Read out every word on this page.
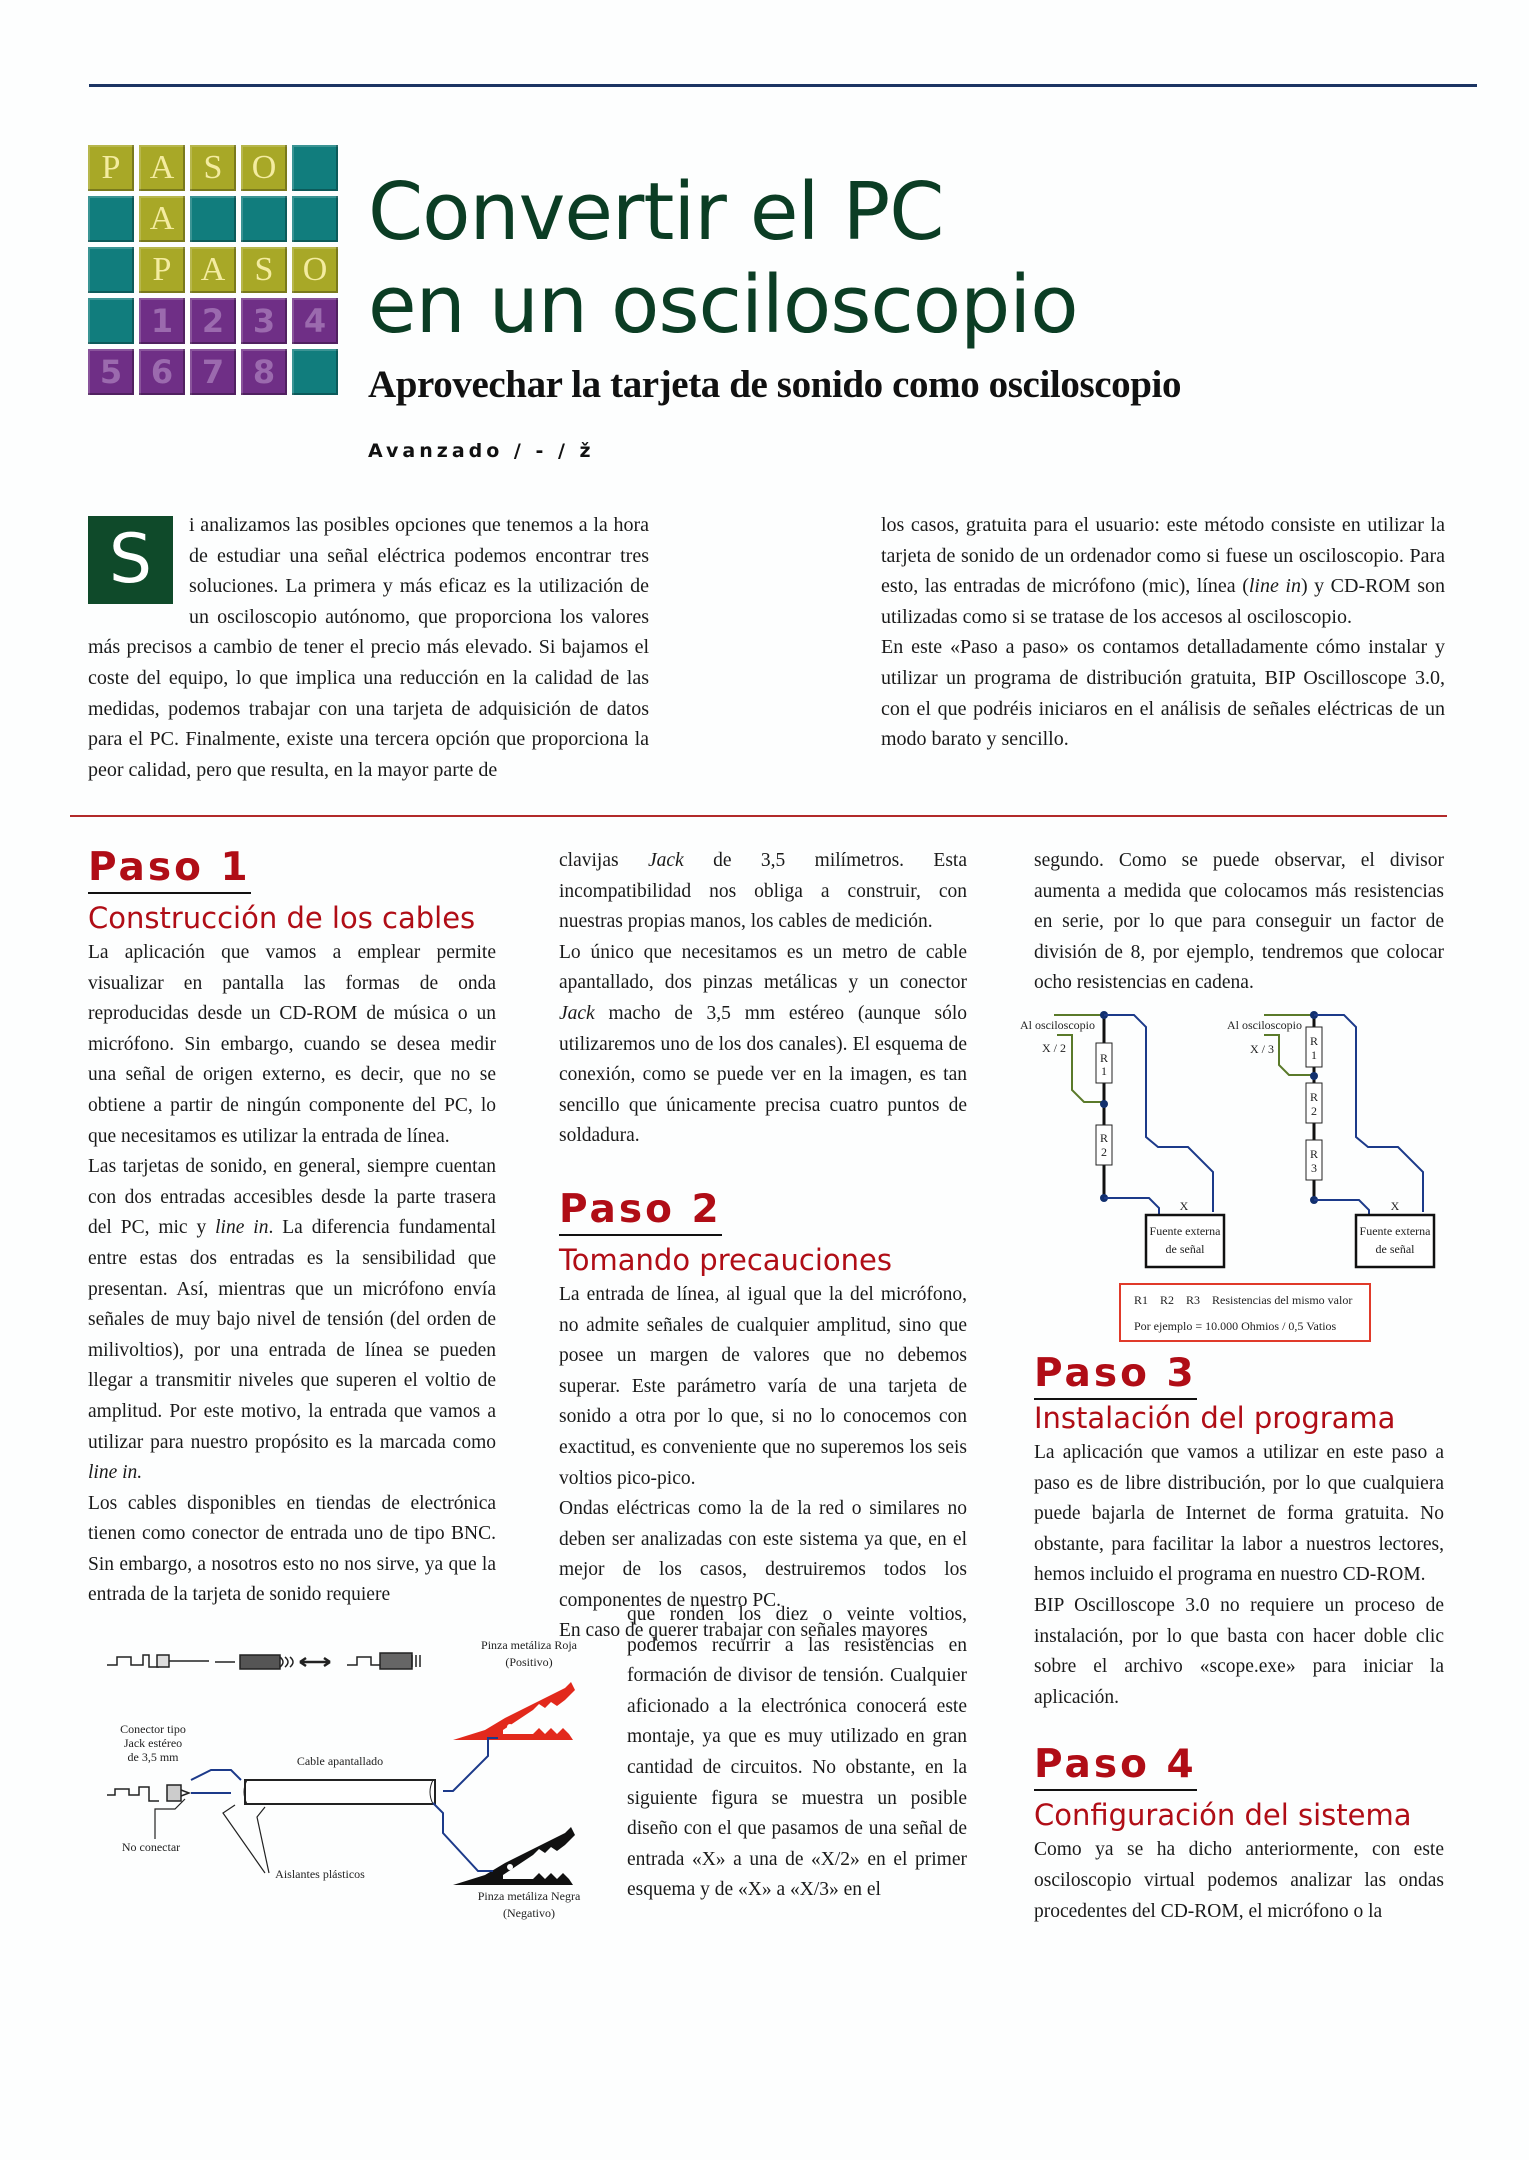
P A S O
A
P A S O
1 2 3 4
5 6 7 8
Convertir el PC
en un osciloscopio
Aprovechar la tarjeta de sonido como osciloscopio
Avanzado / - / ž

S	i analizamos las posibles opciones que tenemos a la hora de estudiar una señal eléctrica podemos encontrar tres soluciones. La primera y más eficaz es la utilización de un osciloscopio autónomo, que proporciona los valores más precisos a cambio de tener el precio más elevado. Si bajamos el coste del equipo, lo que implica una reducción en la calidad de las medidas, podemos trabajar con una tarjeta de adquisición de datos para el PC. Finalmente, existe una tercera opción que proporciona la peor calidad, pero que resulta, en la mayor parte de

los casos, gratuita para el usuario: este método consiste en utilizar la tarjeta de sonido de un ordenador como si fuese un osciloscopio. Para esto, las entradas de micrófono (mic), línea (line in) y CD-ROM son utilizadas como si se tratase de los accesos al osciloscopio.

En este «Paso a paso» os contamos detalladamente cómo instalar y utilizar un programa de distribución gratuita, BIP Oscilloscope 3.0, con el que podréis iniciaros en el análisis de señales eléctricas de un modo barato y sencillo.

Paso 1
Construcción de los cables

La aplicación que vamos a emplear permite visualizar en pantalla las formas de onda reproducidas desde un CD-ROM de música o un micrófono. Sin embargo, cuando se desea medir una señal de origen externo, es decir, que no se obtiene a partir de ningún componente del PC, lo que necesitamos es utilizar la entrada de línea.

Las tarjetas de sonido, en general, siempre cuentan con dos entradas accesibles desde la parte trasera del PC, mic y line in. La diferencia fundamental entre estas dos entradas es la sensibilidad que presentan. Así, mientras que un micrófono envía señales de muy bajo nivel de tensión (del orden de milivoltios), por una entrada de línea se pueden llegar a transmitir niveles que superen el voltio de amplitud. Por este motivo, la entrada que vamos a utilizar para nuestro propósito es la marcada como line in.

Los cables disponibles en tiendas de electrónica tienen como conector de entrada uno de tipo BNC. Sin embargo, a nosotros esto no nos sirve, ya que la entrada de la tarjeta de sonido requiere

Pinza metáliza Roja
(Positivo)
Pinza metáliza Negra
(Negativo)
Conector tipo
Jack estéreo
de 3,5 mm	Cable apantallado
No conectar
Aislantes plásticos

clavijas Jack de 3,5 milímetros. Esta incompatibilidad nos obliga a construir, con nuestras propias manos, los cables de medición.

Lo único que necesitamos es un metro de cable apantallado, dos pinzas metálicas y un conector Jack macho de 3,5 mm estéreo (aunque sólo utilizaremos uno de los dos canales). El esquema de conexión, como se puede ver en la imagen, es tan sencillo que únicamente precisa cuatro puntos de soldadura.

Paso 2
Tomando precauciones

La entrada de línea, al igual que la del micrófono, no admite señales de cualquier amplitud, sino que posee un margen de valores que no debemos superar. Este parámetro varía de una tarjeta de sonido a otra por lo que, si no lo conocemos con exactitud, es conveniente que no superemos los seis voltios pico-pico.

Ondas eléctricas como la de la red o similares no deben ser analizadas con este sistema ya que, en el mejor de los casos, destruiremos todos los componentes de nuestro PC.

En caso de querer trabajar con señales mayores

que ronden los diez o veinte voltios, podemos recurrir a las resistencias en formación de divisor de tensión. Cualquier aficionado a la electrónica conocerá este montaje, ya que es muy utilizado en gran cantidad de circuitos. No obstante, en la siguiente figura se muestra un posible diseño con el que pasamos de una señal de entrada «X» a una de «X/2» en el primer esquema y de «X» a «X/3» en el

segundo. Como se puede observar, el divisor aumenta a medida que colocamos más resistencias en serie, por lo que para conseguir un factor de división de 8, por ejemplo, tendremos que colocar ocho resistencias en cadena.

Al osciloscopio
X / 2
R
1
R
2
X
Fuente externa
de señal
Al osciloscopio
X / 3
R
1
R
2
R
3
X
Fuente externa
de señal
R1    R2    R3    Resistencias del mismo valor
Por ejemplo = 10.000 Ohmios / 0,5 Vatios
Paso 3
Instalación del programa

La aplicación que vamos a utilizar en este paso a paso es de libre distribución, por lo que cualquiera puede bajarla de Internet de forma gratuita. No obstante, para facilitar la labor a nuestros lectores, hemos incluido el programa en nuestro CD-ROM.

BIP Oscilloscope 3.0 no requiere un proceso de instalación, por lo que basta con hacer doble clic sobre el archivo «scope.exe» para iniciar la aplicación.

Paso 4
Configuración del sistema

Como ya se ha dicho anteriormente, con este osciloscopio virtual podemos analizar las ondas procedentes del CD-ROM, el micrófono o la
